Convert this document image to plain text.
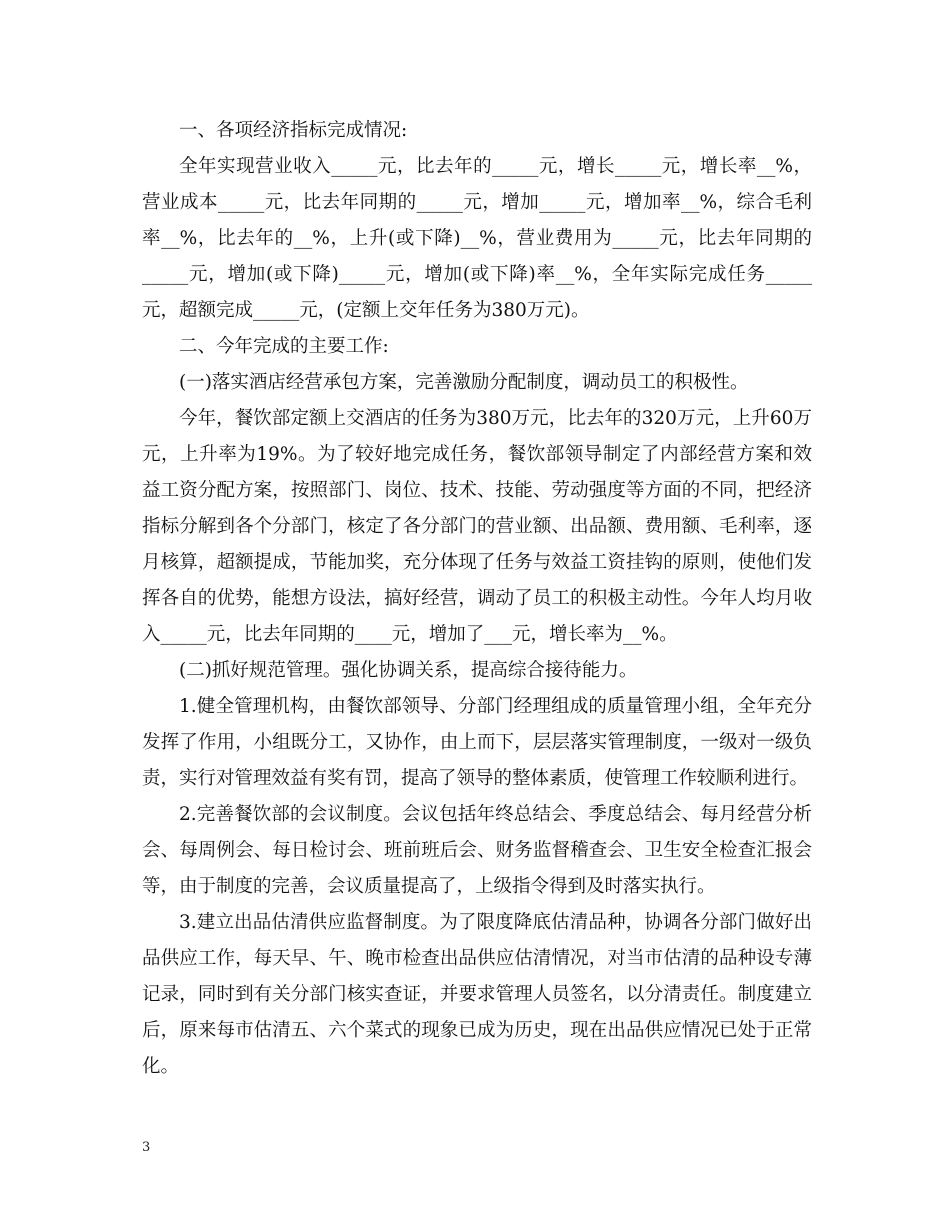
一、各项经济指标完成情况:

全年实现营业收入_____元，比去年的_____元，增长_____元，增长率__%，营业成本_____元，比去年同期的_____元，增加_____元，增加率__%，综合毛利率__%，比去年的__%，上升(或下降)__%，营业费用为_____元，比去年同期的_____元，增加(或下降)_____元，增加(或下降)率__%，全年实际完成任务_____元，超额完成_____元，(定额上交年任务为380万元)。

二、今年完成的主要工作:

(一)落实酒店经营承包方案，完善激励分配制度，调动员工的积极性。

今年，餐饮部定额上交酒店的任务为380万元，比去年的320万元，上升60万元，上升率为19%。为了较好地完成任务，餐饮部领导制定了内部经营方案和效益工资分配方案，按照部门、岗位、技术、技能、劳动强度等方面的不同，把经济指标分解到各个分部门，核定了各分部门的营业额、出品额、费用额、毛利率，逐月核算，超额提成，节能加奖，充分体现了任务与效益工资挂钩的原则，使他们发挥各自的优势，能想方设法，搞好经营，调动了员工的积极主动性。今年人均月收入_____元，比去年同期的____元，增加了___元，增长率为__%。

(二)抓好规范管理。强化协调关系，提高综合接待能力。

1.健全管理机构，由餐饮部领导、分部门经理组成的质量管理小组，全年充分发挥了作用，小组既分工，又协作，由上而下，层层落实管理制度，一级对一级负责，实行对管理效益有奖有罚，提高了领导的整体素质，使管理工作较顺利进行。

2.完善餐饮部的会议制度。会议包括年终总结会、季度总结会、每月经营分析会、每周例会、每日检讨会、班前班后会、财务监督稽查会、卫生安全检查汇报会等，由于制度的完善，会议质量提高了，上级指令得到及时落实执行。

3.建立出品估清供应监督制度。为了限度降底估清品种，协调各分部门做好出品供应工作，每天早、午、晚市检查出品供应估清情况，对当市估清的品种设专薄记录，同时到有关分部门核实查证，并要求管理人员签名，以分清责任。制度建立后，原来每市估清五、六个菜式的现象已成为历史，现在出品供应情况已处于正常化。

3
